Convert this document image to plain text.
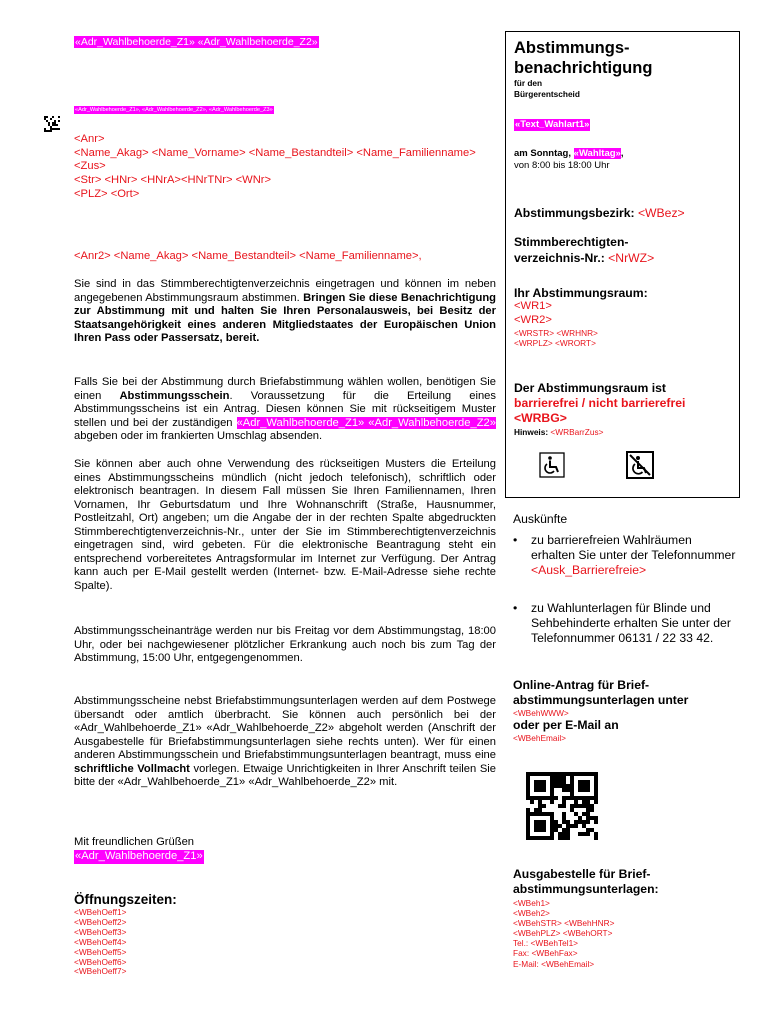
«Adr_Wahlbehoerde_Z1» «Adr_Wahlbehoerde_Z2»
«Adr_Wahlbehoerde_Z1», «Adr_Wahlbehoerde_Z2», «Adr_Wahlbehoerde_Z3»
<Anr>
<Name_Akag> <Name_Vorname> <Name_Bestandteil> <Name_Familienname>
<Zus>
<Str> <HNr> <HNrA><HNrTNr> <WNr>
<PLZ> <Ort>
<Anr2> <Name_Akag> <Name_Bestandteil> <Name_Familienname>,
Sie sind in das Stimmberechtigtenverzeichnis eingetragen und können im neben angegebenen Abstimmungsraum abstimmen. Bringen Sie diese Benachrichtigung zur Abstimmung mit und halten Sie Ihren Personalausweis, bei Besitz der Staatsangehörigkeit eines anderen Mitgliedstaates der Europäischen Union Ihren Pass oder Passersatz, bereit.
Falls Sie bei der Abstimmung durch Briefabstimmung wählen wollen, benötigen Sie einen Abstimmungsschein. Voraussetzung für die Erteilung eines Abstimmungsscheins ist ein Antrag. Diesen können Sie mit rückseitigem Muster stellen und bei der zuständigen «Adr_Wahlbehoerde_Z1» «Adr_Wahlbehoerde_Z2» abgeben oder im frankierten Umschlag absenden.
Sie können aber auch ohne Verwendung des rückseitigen Musters die Erteilung eines Abstimmungsscheins mündlich (nicht jedoch telefonisch), schriftlich oder elektronisch beantragen. In diesem Fall müssen Sie Ihren Familiennamen, Ihren Vornamen, Ihr Geburtsdatum und Ihre Wohnanschrift (Straße, Hausnummer, Postleitzahl, Ort) angeben; um die Angabe der in der rechten Spalte abgedruckten Stimmberechtigtenverzeichnis-Nr., unter der Sie im Stimmberechtigtenverzeichnis eingetragen sind, wird gebeten. Für die elektronische Beantragung steht ein entsprechend vorbereitetes Antragsformular im Internet zur Verfügung. Der Antrag kann auch per E-Mail gestellt werden (Internet- bzw. E-Mail-Adresse siehe rechte Spalte).
Abstimmungsscheinanträge werden nur bis Freitag vor dem Abstimmungstag, 18:00 Uhr, oder bei nachgewiesener plötzlicher Erkrankung auch noch bis zum Tag der Abstimmung, 15:00 Uhr, entgegengenommen.
Abstimmungsscheine nebst Briefabstimmungsunterlagen werden auf dem Postwege übersandt oder amtlich überbracht. Sie können auch persönlich bei der «Adr_Wahlbehoerde_Z1» «Adr_Wahlbehoerde_Z2» abgeholt werden (Anschrift der Ausgabestelle für Briefabstimmungsunterlagen siehe rechts unten). Wer für einen anderen Abstimmungsschein und Briefabstimmungsunterlagen beantragt, muss eine schriftliche Vollmacht vorlegen. Etwaige Unrichtigkeiten in Ihrer Anschrift teilen Sie bitte der «Adr_Wahlbehoerde_Z1» «Adr_Wahlbehoerde_Z2» mit.
Mit freundlichen Grüßen
«Adr_Wahlbehoerde_Z1»
Öffnungszeiten:
<WBehOeff1>
<WBehOeff2>
<WBehOeff3>
<WBehOeff4>
<WBehOeff5>
<WBehOeff6>
<WBehOeff7>
Abstimmungs-
benachrichtigung
für den
Bürgerentscheid
«Text_Wahlart1»
am Sonntag, «Wahltag»,
von 8:00 bis 18:00 Uhr
Abstimmungsbezirk: <WBez>
Stimmberechtigten-
verzeichnis-Nr.: <NrWZ>
Ihr Abstimmungsraum:
<WR1>
<WR2>
<WRSTR> <WRHNR>
<WRPLZ> <WRORT>
Der Abstimmungsraum ist
barrierefrei / nicht barrierefrei
<WRBG>
Hinweis: <WRBarrZus>
Auskünfte
• zu barrierefreien Wahlräumen erhalten Sie unter der Telefonnummer
<Ausk_Barrierefreie>
• zu Wahlunterlagen für Blinde und Sehbehinderte erhalten Sie unter der Telefonnummer 06131 / 22 33 42.
Online-Antrag für Brief-
abstimmungsunterlagen unter
<WBehWWW>
oder per E-Mail an
<WBehEmail>
Ausgabestelle für Brief-
abstimmungsunterlagen:
<WBeh1>
<WBeh2>
<WBehSTR> <WBehHNR>
<WBehPLZ> <WBehORT>
Tel.: <WBehTel1>
Fax: <WBehFax>
E-Mail: <WBehEmail>
